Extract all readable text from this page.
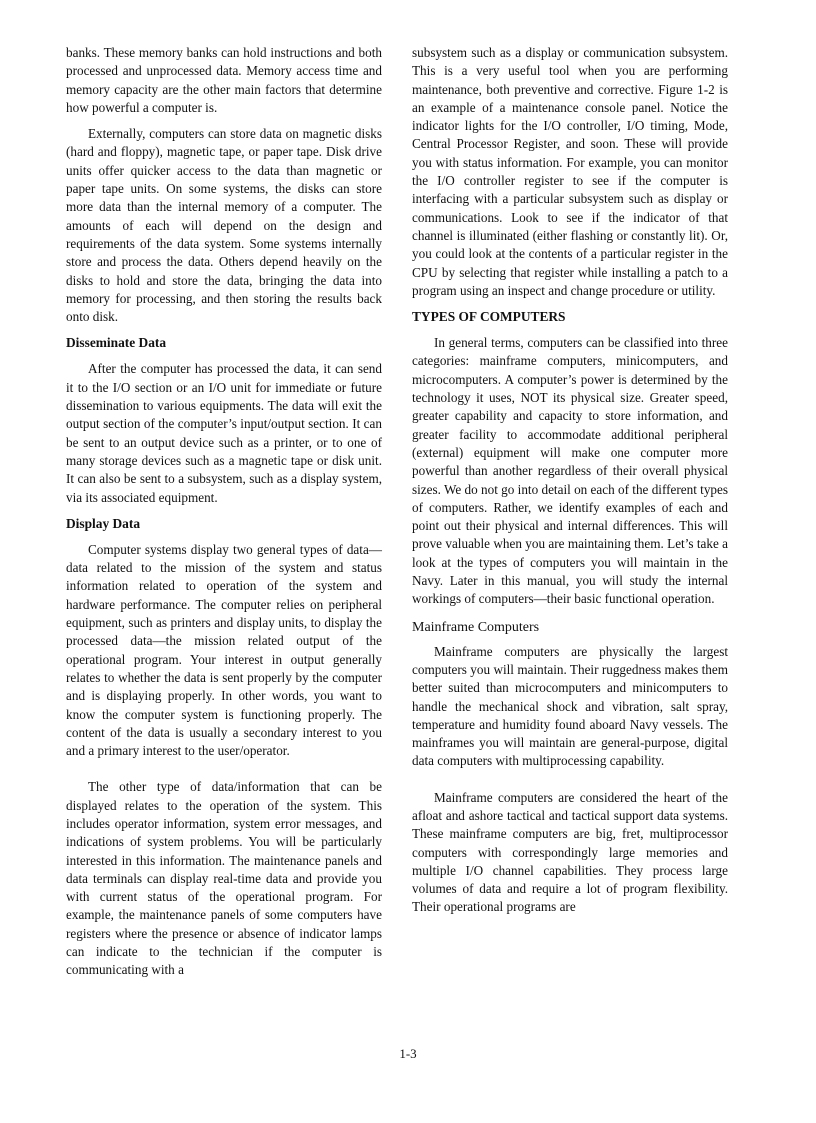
banks. These memory banks can hold instructions and both processed and unprocessed data. Memory access time and memory capacity are the other main factors that determine how powerful a computer is.

Externally, computers can store data on magnetic disks (hard and floppy), magnetic tape, or paper tape. Disk drive units offer quicker access to the data than magnetic or paper tape units. On some systems, the disks can store more data than the internal memory of a computer. The amounts of each will depend on the design and requirements of the data system. Some systems internally store and process the data. Others depend heavily on the disks to hold and store the data, bringing the data into memory for processing, and then storing the results back onto disk.

Disseminate Data

After the computer has processed the data, it can send it to the I/O section or an I/O unit for immediate or future dissemination to various equipments. The data will exit the output section of the computer’s input/output section. It can be sent to an output device such as a printer, or to one of many storage devices such as a magnetic tape or disk unit. It can also be sent to a subsystem, such as a display system, via its associated equipment.

Display Data

Computer systems display two general types of data—data related to the mission of the system and status information related to operation of the system and hardware performance. The computer relies on peripheral equipment, such as printers and display units, to display the processed data—the mission related output of the operational program. Your interest in output generally relates to whether the data is sent properly by the computer and is displaying properly. In other words, you want to know the computer system is functioning properly. The content of the data is usually a secondary interest to you and a primary interest to the user/operator.

The other type of data/information that can be displayed relates to the operation of the system. This includes operator information, system error messages, and indications of system problems. You will be particularly interested in this information. The maintenance panels and data terminals can display real-time data and provide you with current status of the operational program. For example, the maintenance panels of some computers have registers where the presence or absence of indicator lamps can indicate to the technician if the computer is communicating with a

subsystem such as a display or communication subsystem. This is a very useful tool when you are performing maintenance, both preventive and corrective. Figure 1-2 is an example of a maintenance console panel. Notice the indicator lights for the I/O controller, I/O timing, Mode, Central Processor Register, and soon. These will provide you with status information. For example, you can monitor the I/O controller register to see if the computer is interfacing with a particular subsystem such as display or communications. Look to see if the indicator of that channel is illuminated (either flashing or constantly lit). Or, you could look at the contents of a particular register in the CPU by selecting that register while installing a patch to a program using an inspect and change procedure or utility.

TYPES OF COMPUTERS

In general terms, computers can be classified into three categories: mainframe computers, minicomputers, and microcomputers. A computer’s power is determined by the technology it uses, NOT its physical size. Greater speed, greater capability and capacity to store information, and greater facility to accommodate additional peripheral (external) equipment will make one computer more powerful than another regardless of their overall physical sizes. We do not go into detail on each of the different types of computers. Rather, we identify examples of each and point out their physical and internal differences. This will prove valuable when you are maintaining them. Let’s take a look at the types of computers you will maintain in the Navy. Later in this manual, you will study the internal workings of computers—their basic functional operation.

Mainframe Computers

Mainframe computers are physically the largest computers you will maintain. Their ruggedness makes them better suited than microcomputers and minicomputers to handle the mechanical shock and vibration, salt spray, temperature and humidity found aboard Navy vessels. The mainframes you will maintain are general-purpose, digital data computers with multiprocessing capability.

Mainframe computers are considered the heart of the afloat and ashore tactical and tactical support data systems. These mainframe computers are big, fret, multiprocessor computers with correspondingly large memories and multiple I/O channel capabilities. They process large volumes of data and require a lot of program flexibility. Their operational programs are

1-3
